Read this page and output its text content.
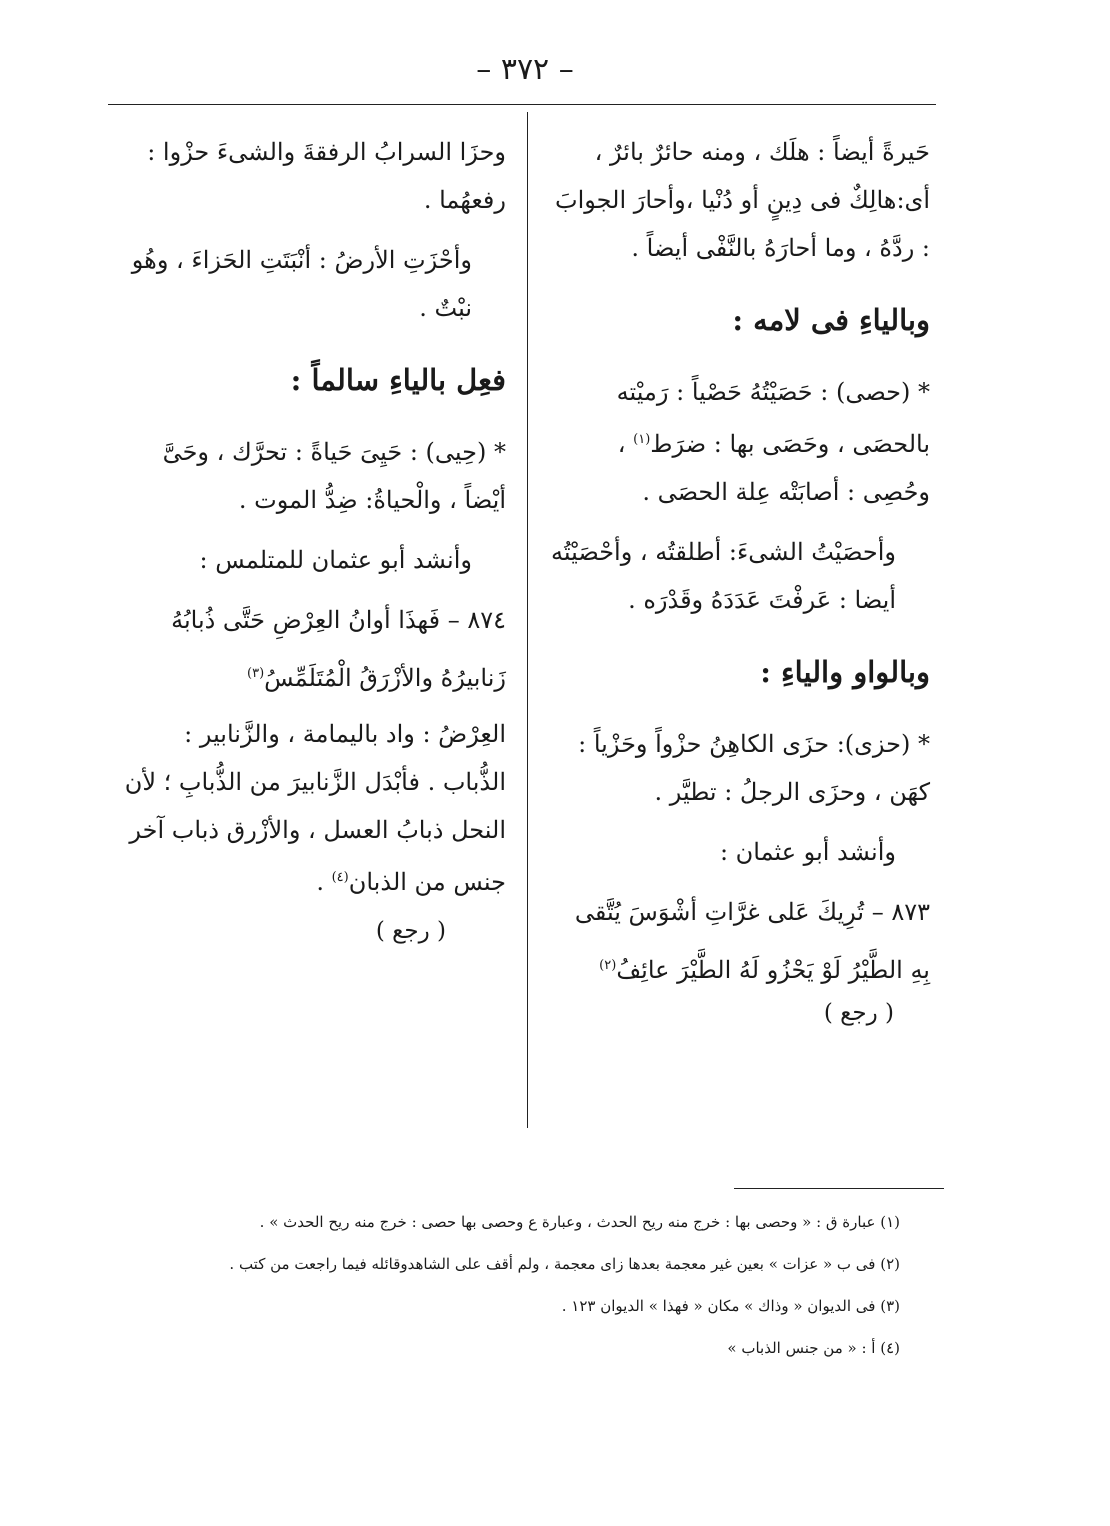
– ٣٧٢ –

حَيرةً أيضاً : هلَك ، ومنه حائرٌ بائرٌ ، أى:هالِكٌ فى دِينٍ أو دُنْيا ،وأحارَ الجوابَ : ردَّهُ ، وما أحارَهُ بالنَّفْى أيضاً .

وبالياءِ فى لامه :

* (حصى) : حَصَيْتُهُ حَصْياً : رَميْته بالحصَى ، وحَصَى بها : ضرَط$^{(١)}$ ، وحُصِى : أصابَتْه عِلة الحصَى .

وأحصَيْتُ الشىءَ: أطلقتُه ، وأحْصَيْتُه أيضا : عَرفْتَ عَدَدَهُ وقَدْرَه .

وبالواو والياءِ :

* (حزى): حزَى الكاهِنُ حزْواً وحَزْياً : كهَن ، وحزَى الرجلُ : تطيَّر .

وأنشد أبو عثمان :

٨٧٣ – تُرِيكَ عَلى غرَّاتِ أشْوَسَ يُتَّقى
بِهِ الطَّيْرُ لَوْ يَحْزُو لَهُ الطَّيْرَ عائِفُ$^{(٢)}$
( رجع )

وحزَا السرابُ الرفقةَ والشىءَ حزْوا : رفعهُما .

وأحْزَتِ الأرضُ : أنْبَتَتِ الحَزاءَ ، وهُو نبْتٌ .

فعِل بالياءِ سالماً :

* (حِيى) : حَيِىَ حَياةً : تحرَّك ، وحَىَّ أيْضاً ، والْحياةُ: ضِدُّ الموت .

وأنشد أبو عثمان للمتلمس :

٨٧٤ – فَهذَا أوانُ العِرْضِ حَتَّى ذُبابُهُ
زَنابيرُهُ والأزْرَقُ الْمُتَلَمِّسُ$^{(٣)}$

العِرْضُ : واد باليمامة ، والزَّنابير : الذُّباب . فأبْدَل الزَّنابيرَ من الذُّبابِ ؛ لأن النحل ذبابُ العسل ، والأزْرق ذباب آخر جنس من الذبان$^{(٤)}$ .

( رجع )

(١) عبارة ق : « وحصى بها : خرج منه ريح الحدث ، وعبارة ع وحصى بها حصى : خرج منه ريح الحدث » .

(٢) فى ب « عزات » بعين غير معجمة بعدها زاى معجمة ، ولم أقف على الشاهدوقائله فيما راجعت من كتب .

(٣) فى الديوان « وذاك » مكان « فهذا » الديوان ١٢٣ .

(٤) أ : « من جنس الذباب »
